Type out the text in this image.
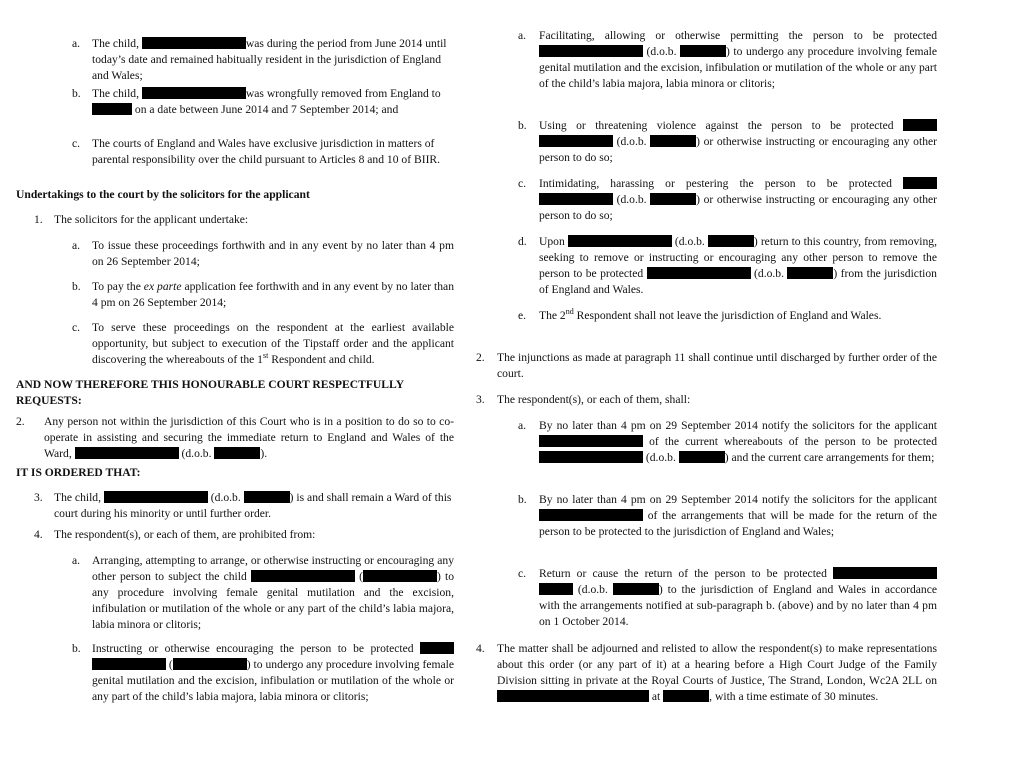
a. The child,	was during the period from June 2014 until today’s date and remained habitually resident in the jurisdiction of England and Wales;
b. The child,	was wrongfully removed from England to  on a date between June 2014 and 7 September 2014; and
c. The courts of England and Wales have exclusive jurisdiction in matters of parental responsibility over the child pursuant to Articles 8 and 10 of BIIR.
Undertakings to the court by the solicitors for the applicant
1. The solicitors for the applicant undertake:
a. To issue these proceedings forthwith and in any event by no later than 4 pm on 26 September 2014;
b. To pay the ex parte application fee forthwith and in any event by no later than 4 pm on 26 September 2014;
c. To serve these proceedings on the respondent at the earliest available opportunity, but subject to execution of the Tipstaff order and the applicant discovering the whereabouts of the 1st Respondent and child.
AND NOW THEREFORE THIS HONOURABLE COURT RESPECTFULLY REQUESTS:
2. Any person not within the jurisdiction of this Court who is in a position to do so to co-operate in assisting and securing the immediate return to England and Wales of the Ward,	(d.o.b.	).
IT IS ORDERED THAT:
3. The child,	(d.o.b.	) is and shall remain a Ward of this court during his minority or until further order.
4. The respondent(s), or each of them, are prohibited from:
a. Arranging, attempting to arrange, or otherwise instructing or encouraging any other person to subject the child	(	) to any procedure involving female genital mutilation and the excision, infibulation or mutilation of the whole or any part of the child’s labia majora, labia minora or clitoris;
b. Instructing or otherwise encouraging the person to be protected   (	) to undergo any procedure involving female genital mutilation and the excision, infibulation or mutilation of the whole or any part of the child’s labia majora, labia minora or clitoris;
a. Facilitating, allowing or otherwise permitting the person to be protected  (d.o.b.	) to undergo any procedure involving female genital mutilation and the excision, infibulation or mutilation of the whole or any part of the child’s labia majora, labia minora or clitoris;
b. Using or threatening violence against the person to be protected   (d.o.b.	) or otherwise instructing or encouraging any other person to do so;
c. Intimidating, harassing or pestering the person to be protected   (d.o.b.	) or otherwise instructing or encouraging any other person to do so;
d. Upon	(d.o.b.	) return to this country, from removing, seeking to remove or instructing or encouraging any other person to remove the person to be protected	(d.o.b.	) from the jurisdiction of England and Wales.
e. The 2nd Respondent shall not leave the jurisdiction of England and Wales.
2. The injunctions as made at paragraph 11 shall continue until discharged by further order of the court.
3. The respondent(s), or each of them, shall:
a. By no later than 4 pm on 29 September 2014 notify the solicitors for the applicant  of the current whereabouts of the person to be protected  (d.o.b.	) and the current care arrangements for them;
b. By no later than 4 pm on 29 September 2014 notify the solicitors for the applicant  of the arrangements that will be made for the return of the person to be protected to the jurisdiction of England and Wales;
c. Return or cause the return of the person to be protected   (d.o.b.	) to the jurisdiction of England and Wales in accordance with the arrangements notified at sub-paragraph b. (above) and by no later than 4 pm on 1 October 2014.
4. The matter shall be adjourned and relisted to allow the respondent(s) to make representations about this order (or any part of it) at a hearing before a High Court Judge of the Family Division sitting in private at the Royal Courts of Justice, The Strand, London, Wc2A 2LL on  at	, with a time estimate of 30 minutes.
